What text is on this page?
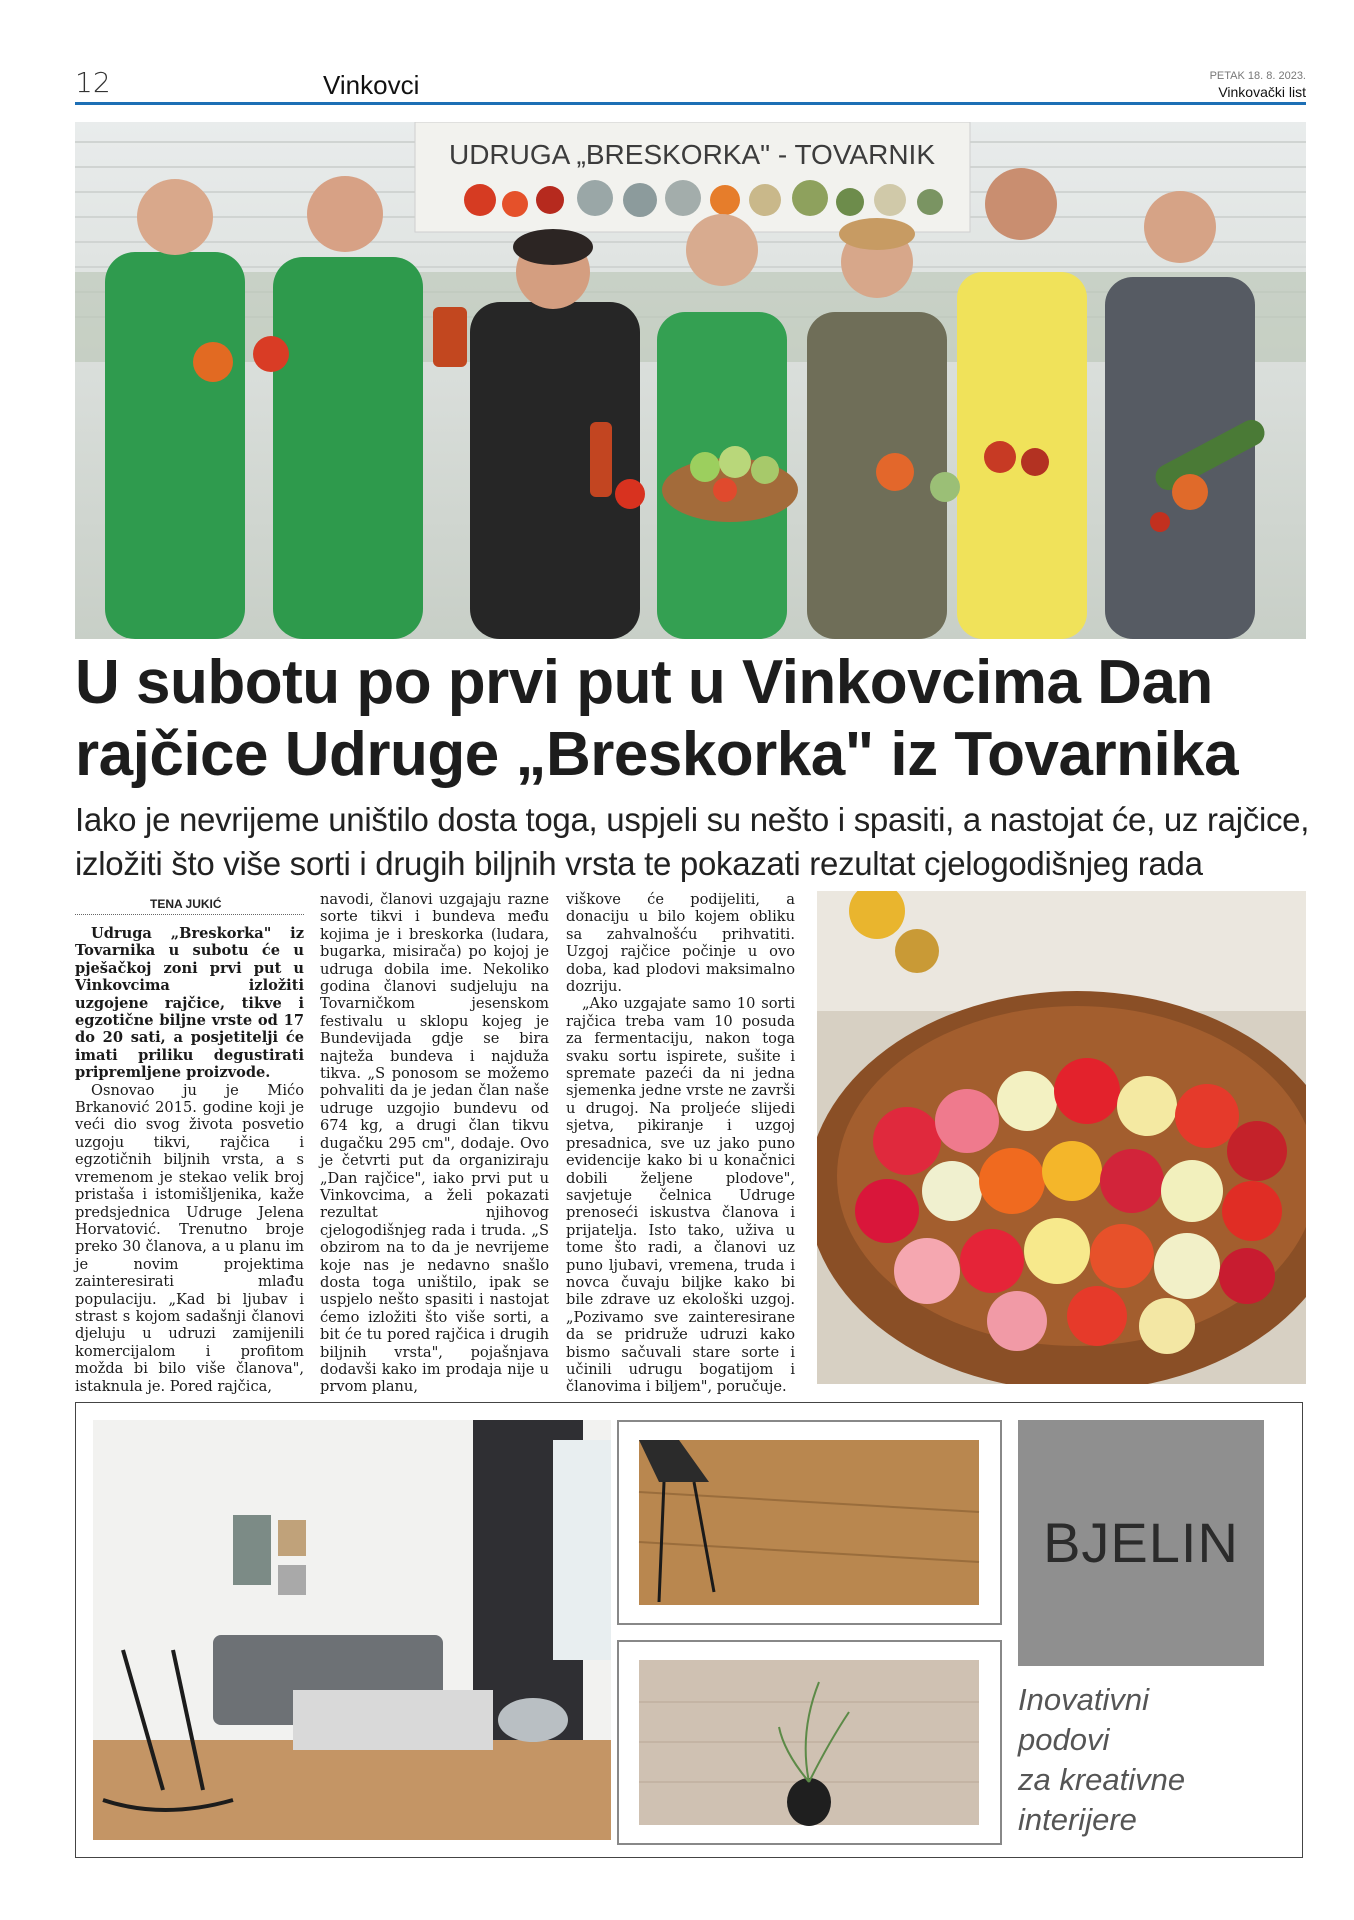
12	Vinkovci	PETAK 18. 8. 2023.
Vinkovački list
UDRUGA „BRESKORKA" - TOVARNIK
U subotu po prvi put u Vinkovcima Dan
rajčice Udruge „Breskorka" iz Tovarnika
Iako je nevrijeme uništilo dosta toga, uspjeli su nešto i spasiti, a nastojat će, uz rajčice, izložiti što više sorti i drugih biljnih vrsta te pokazati rezultat cjelogodišnjeg rada
TENA JUKIĆ

Udruga „Breskorka" iz Tovarnika u subotu će u pješačkoj zoni prvi put u Vinkovcima izložiti uzgojene rajčice, tikve i egzotične biljne vrste od 17 do 20 sati, a posjetitelji će imati priliku degustirati pripremljene proizvode.

Osnovao ju je Mićo Brkanović 2015. godine koji je veći dio svog života posvetio uzgoju tikvi, rajčica i egzotičnih biljnih vrsta, a s vremenom je stekao velik broj pristaša i istomišljenika, kaže predsjednica Udruge Jelena Horvatović. Trenutno broje preko 30 članova, a u planu im je novim projektima zainteresirati mlađu populaciju. „Kad bi ljubav i strast s kojom sadašnji članovi djeluju u udruzi zamijenili komercijalom i profitom možda bi bilo više članova", istaknula je. Pored rajčica,

navodi, članovi uzgajaju razne sorte tikvi i bundeva među kojima je i breskorka (ludara, bugarka, misirača) po kojoj je udruga dobila ime. Nekoliko godina članovi sudjeluju na Tovarničkom jesenskom festivalu u sklopu kojeg je Bundevijada gdje se bira najteža bundeva i najduža tikva. „S ponosom se možemo pohvaliti da je jedan član naše udruge uzgojio bundevu od 674 kg, a drugi član tikvu dugačku 295 cm", dodaje. Ovo je četvrti put da organiziraju „Dan rajčice", iako prvi put u Vinkovcima, a želi pokazati rezultat njihovog cjelogodišnjeg rada i truda. „S obzirom na to da je nevrijeme koje nas je nedavno snašlo dosta toga uništilo, ipak se uspjelo nešto spasiti i nastojat ćemo izložiti što više sorti, a bit će tu pored rajčica i drugih biljnih vrsta", pojašnjava dodavši kako im prodaja nije u prvom planu,

viškove će podijeliti, a donaciju u bilo kojem obliku sa zahvalnošću prihvatiti. Uzgoj rajčice počinje u ovo doba, kad plodovi maksimalno dozriju.

„Ako uzgajate samo 10 sorti rajčica treba vam 10 posuda za fermentaciju, nakon toga svaku sortu ispirete, sušite i spremate pazeći da ni jedna sjemenka jedne vrste ne završi u drugoj. Na proljeće slijedi sjetva, pikiranje i uzgoj presadnica, sve uz jako puno evidencije kako bi u konačnici dobili željene plodove", savjetuje čelnica Udruge prenoseći iskustva članova i prijatelja. Isto tako, uživa u tome što radi, a članovi uz puno ljubavi, vremena, truda i novca čuvaju biljke kako bi bile zdrave uz ekološki uzgoj. „Pozivamo sve zainteresirane da se pridruže udruzi kako bismo sačuvali stare sorte i učinili udrugu bogatijom i članovima i biljem", poručuje.

BJELIN
Inovativni
podovi
za kreativne
interijere
